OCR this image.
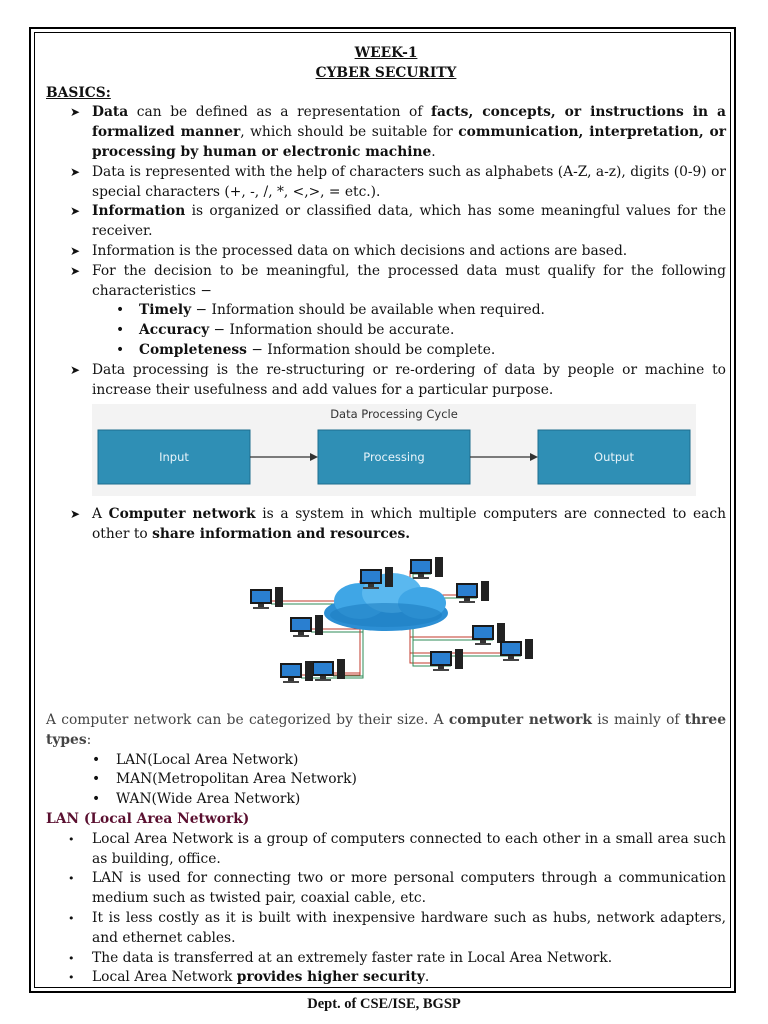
WEEK-1
CYBER SECURITY
BASICS:
➤ Data can be defined as a representation of facts, concepts, or instructions in a formalized manner, which should be suitable for communication, interpretation, or processing by human or electronic machine.
➤ Data is represented with the help of characters such as alphabets (A-Z, a-z), digits (0-9) or special characters (+, -, /, *, <,>, = etc.).
➤ Information is organized or classified data, which has some meaningful values for the receiver.
➤ Information is the processed data on which decisions and actions are based.
➤ For the decision to be meaningful, the processed data must qualify for the following characteristics −
• Timely − Information should be available when required.
• Accuracy − Information should be accurate.
• Completeness − Information should be complete.
➤ Data processing is the re-structuring or re-ordering of data by people or machine to increase their usefulness and add values for a particular purpose.
Data Processing Cycle
Input	Processing	Output
➤ A Computer network is a system in which multiple computers are connected to each other to share information and resources.
A computer network can be categorized by their size. A computer network is mainly of three types:
• LAN(Local Area Network)
• MAN(Metropolitan Area Network)
• WAN(Wide Area Network)
LAN (Local Area Network)
• Local Area Network is a group of computers connected to each other in a small area such as building, office.
• LAN is used for connecting two or more personal computers through a communication medium such as twisted pair, coaxial cable, etc.
• It is less costly as it is built with inexpensive hardware such as hubs, network adapters, and ethernet cables.
• The data is transferred at an extremely faster rate in Local Area Network.
• Local Area Network provides higher security.
Dept. of CSE/ISE, BGSP
